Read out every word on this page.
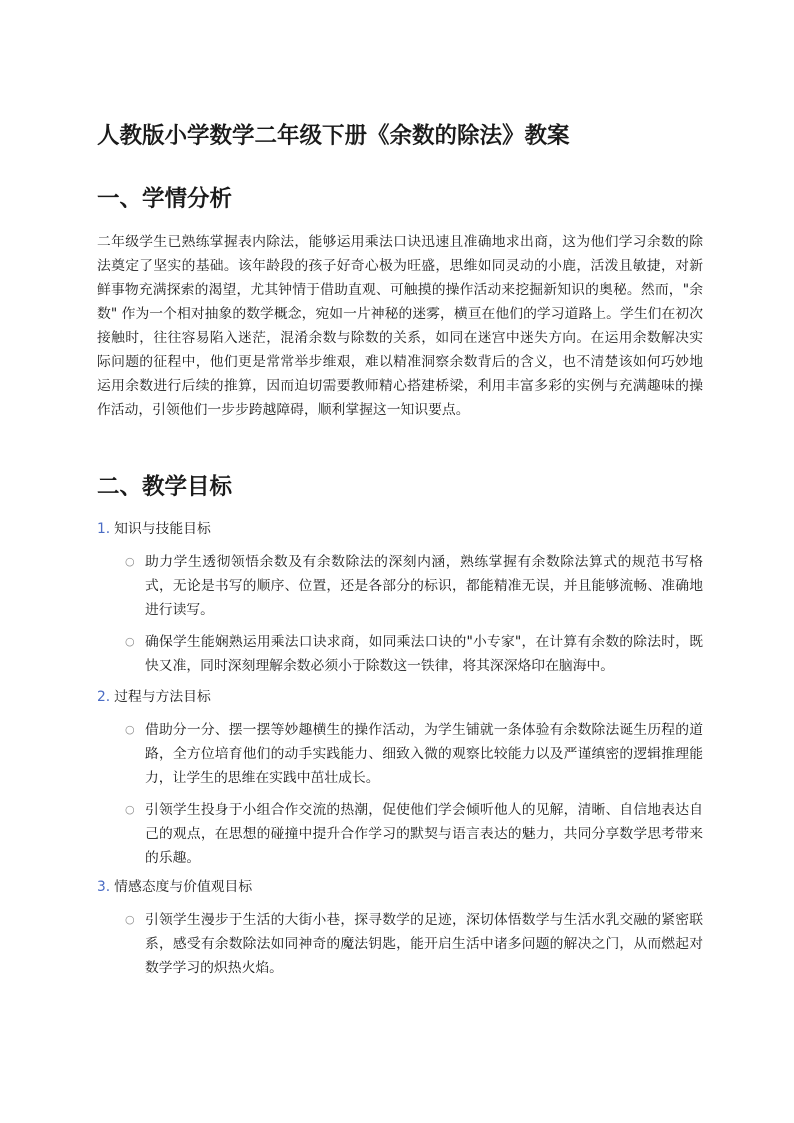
人教版小学数学二年级下册《余数的除法》教案
一、学情分析

二年级学生已熟练掌握表内除法，能够运用乘法口诀迅速且准确地求出商，这为他们学习余数的除法奠定了坚实的基础。该年龄段的孩子好奇心极为旺盛，思维如同灵动的小鹿，活泼且敏捷，对新鲜事物充满探索的渴望，尤其钟情于借助直观、可触摸的操作活动来挖掘新知识的奥秘。然而，"余数" 作为一个相对抽象的数学概念，宛如一片神秘的迷雾，横亘在他们的学习道路上。学生们在初次接触时，往往容易陷入迷茫，混淆余数与除数的关系，如同在迷宫中迷失方向。在运用余数解决实际问题的征程中，他们更是常常举步维艰，难以精准洞察余数背后的含义，也不清楚该如何巧妙地运用余数进行后续的推算，因而迫切需要教师精心搭建桥梁，利用丰富多彩的实例与充满趣味的操作活动，引领他们一步步跨越障碍，顺利掌握这一知识要点。

二、教学目标
1. 知识与技能目标
○ 助力学生透彻领悟余数及有余数除法的深刻内涵，熟练掌握有余数除法算式的规范书写格式，无论是书写的顺序、位置，还是各部分的标识，都能精准无误，并且能够流畅、准确地进行读写。

○ 确保学生能娴熟运用乘法口诀求商，如同乘法口诀的"小专家"，在计算有余数的除法时，既快又准，同时深刻理解余数必须小于除数这一铁律，将其深深烙印在脑海中。

2. 过程与方法目标
○ 借助分一分、摆一摆等妙趣横生的操作活动，为学生铺就一条体验有余数除法诞生历程的道路，全方位培育他们的动手实践能力、细致入微的观察比较能力以及严谨缜密的逻辑推理能力，让学生的思维在实践中茁壮成长。

○ 引领学生投身于小组合作交流的热潮，促使他们学会倾听他人的见解，清晰、自信地表达自己的观点，在思想的碰撞中提升合作学习的默契与语言表达的魅力，共同分享数学思考带来的乐趣。

3. 情感态度与价值观目标
○ 引领学生漫步于生活的大街小巷，探寻数学的足迹，深切体悟数学与生活水乳交融的紧密联系，感受有余数除法如同神奇的魔法钥匙，能开启生活中诸多问题的解决之门，从而燃起对数学学习的炽热火焰。
